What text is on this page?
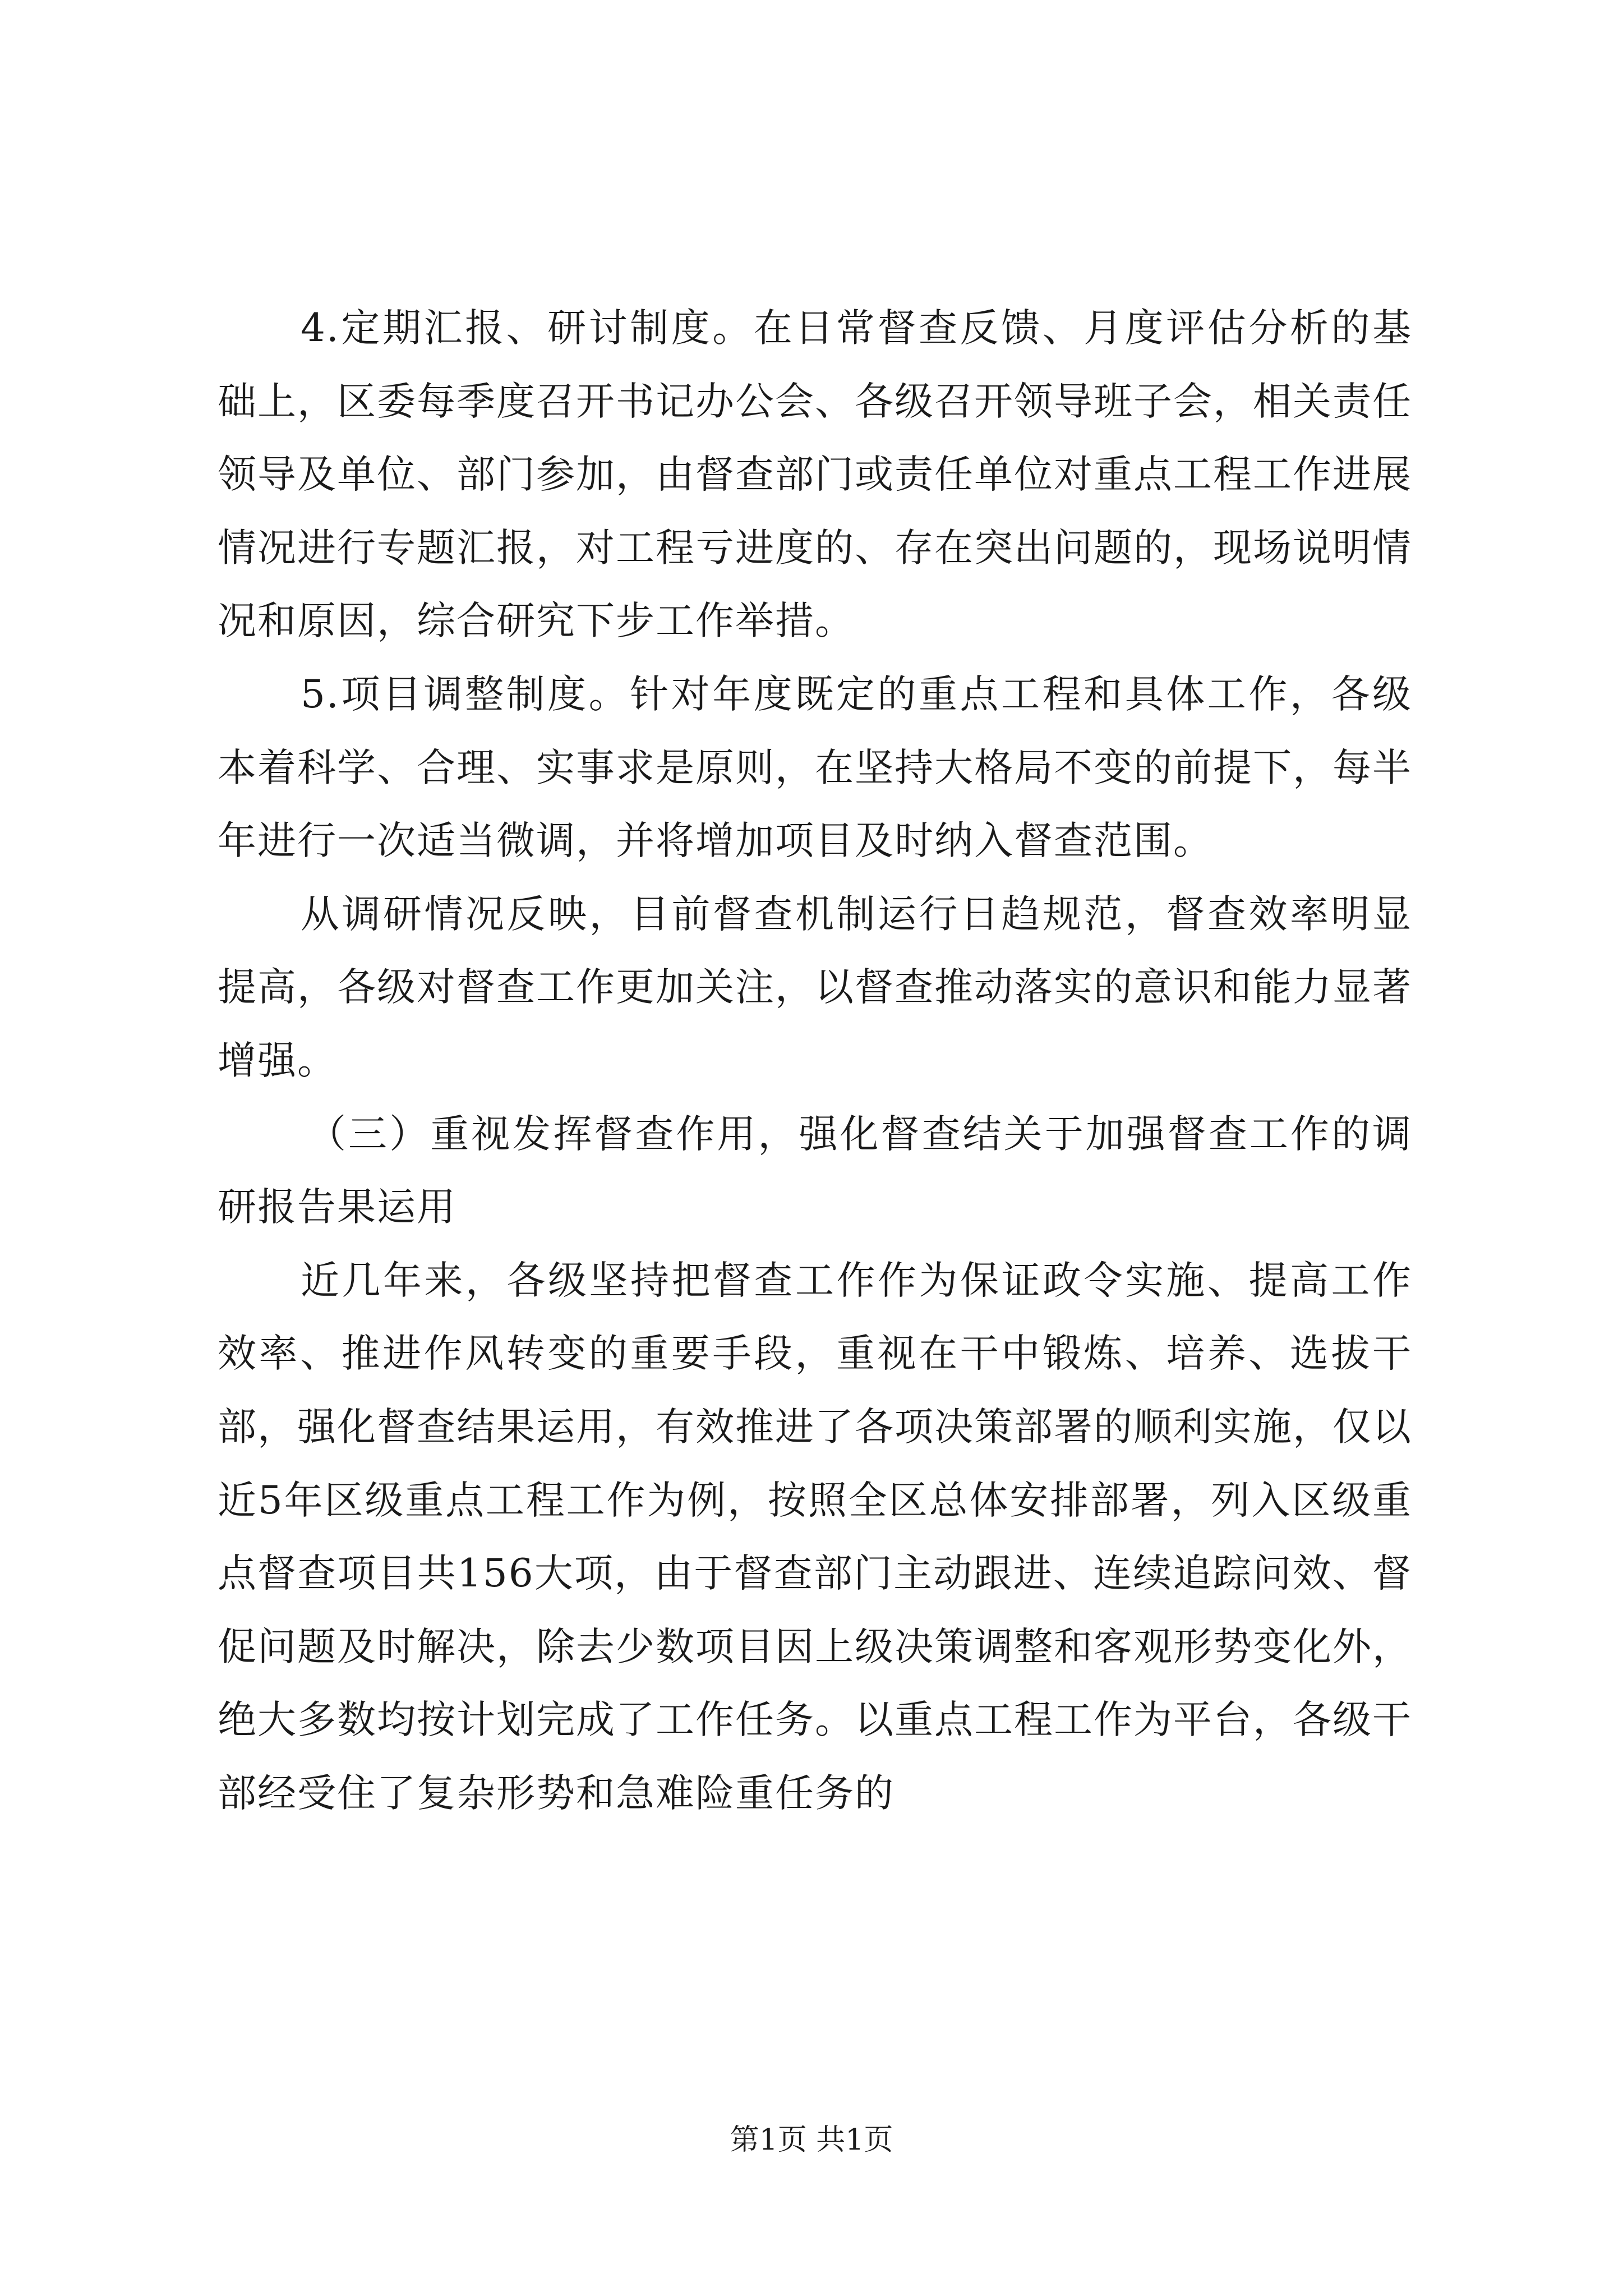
4.定期汇报、研讨制度。在日常督查反馈、月度评估分析的基础上，区委每季度召开书记办公会、各级召开领导班子会，相关责任领导及单位、部门参加，由督查部门或责任单位对重点工程工作进展情况进行专题汇报，对工程亏进度的、存在突出问题的，现场说明情况和原因，综合研究下步工作举措。

5.项目调整制度。针对年度既定的重点工程和具体工作，各级本着科学、合理、实事求是原则，在坚持大格局不变的前提下，每半年进行一次适当微调，并将增加项目及时纳入督查范围。

从调研情况反映，目前督查机制运行日趋规范，督查效率明显提高，各级对督查工作更加关注，以督查推动落实的意识和能力显著增强。

（三）重视发挥督查作用，强化督查结关于加强督查工作的调研报告果运用

近几年来，各级坚持把督查工作作为保证政令实施、提高工作效率、推进作风转变的重要手段，重视在干中锻炼、培养、选拔干部，强化督查结果运用，有效推进了各项决策部署的顺利实施，仅以近5年区级重点工程工作为例，按照全区总体安排部署，列入区级重点督查项目共156大项，由于督查部门主动跟进、连续追踪问效、督促问题及时解决，除去少数项目因上级决策调整和客观形势变化外，绝大多数均按计划完成了工作任务。以重点工程工作为平台，各级干部经受住了复杂形势和急难险重任务的

第1页 共1页
